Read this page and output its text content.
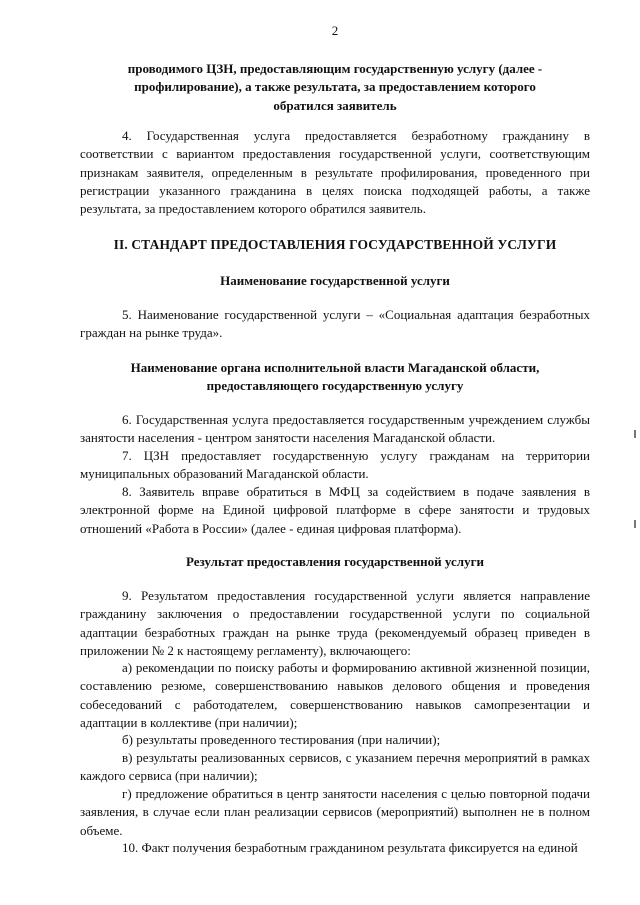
2

проводимого ЦЗН, предоставляющим государственную услугу (далее - профилирование), а также результата, за предоставлением которого обратился заявитель

4. Государственная услуга предоставляется безработному гражданину в соответствии с вариантом предоставления государственной услуги, соответствующим признакам заявителя, определенным в результате профилирования, проведенного при регистрации указанного гражданина в целях поиска подходящей работы, а также результата, за предоставлением которого обратился заявитель.

II. СТАНДАРТ ПРЕДОСТАВЛЕНИЯ ГОСУДАРСТВЕННОЙ УСЛУГИ

Наименование государственной услуги

5. Наименование государственной услуги – «Социальная адаптация безработных граждан на рынке труда».

Наименование органа исполнительной власти Магаданской области,

предоставляющего государственную услугу

6. Государственная услуга предоставляется государственным учреждением службы занятости населения - центром занятости населения Магаданской области.

7. ЦЗН предоставляет государственную услугу гражданам на территории муниципальных образований Магаданской области.

8. Заявитель вправе обратиться в МФЦ за содействием в подаче заявления в электронной форме на Единой цифровой платформе в сфере занятости и трудовых отношений «Работа в России» (далее - единая цифровая платформа).

Результат предоставления государственной услуги

9. Результатом предоставления государственной услуги является направление гражданину заключения о предоставлении государственной услуги по социальной адаптации безработных граждан на рынке труда (рекомендуемый образец приведен в приложении № 2 к настоящему регламенту), включающего:

а) рекомендации по поиску работы и формированию активной жизненной позиции, составлению резюме, совершенствованию навыков делового общения и проведения собеседований с работодателем, совершенствованию навыков самопрезентации и адаптации в коллективе (при наличии);

б) результаты проведенного тестирования (при наличии);

в) результаты реализованных сервисов, с указанием перечня мероприятий в рамках каждого сервиса (при наличии);

г) предложение обратиться в центр занятости населения с целью повторной подачи заявления, в случае если план реализации сервисов (мероприятий) выполнен не в полном объеме.

10. Факт получения безработным гражданином результата фиксируется на единой
